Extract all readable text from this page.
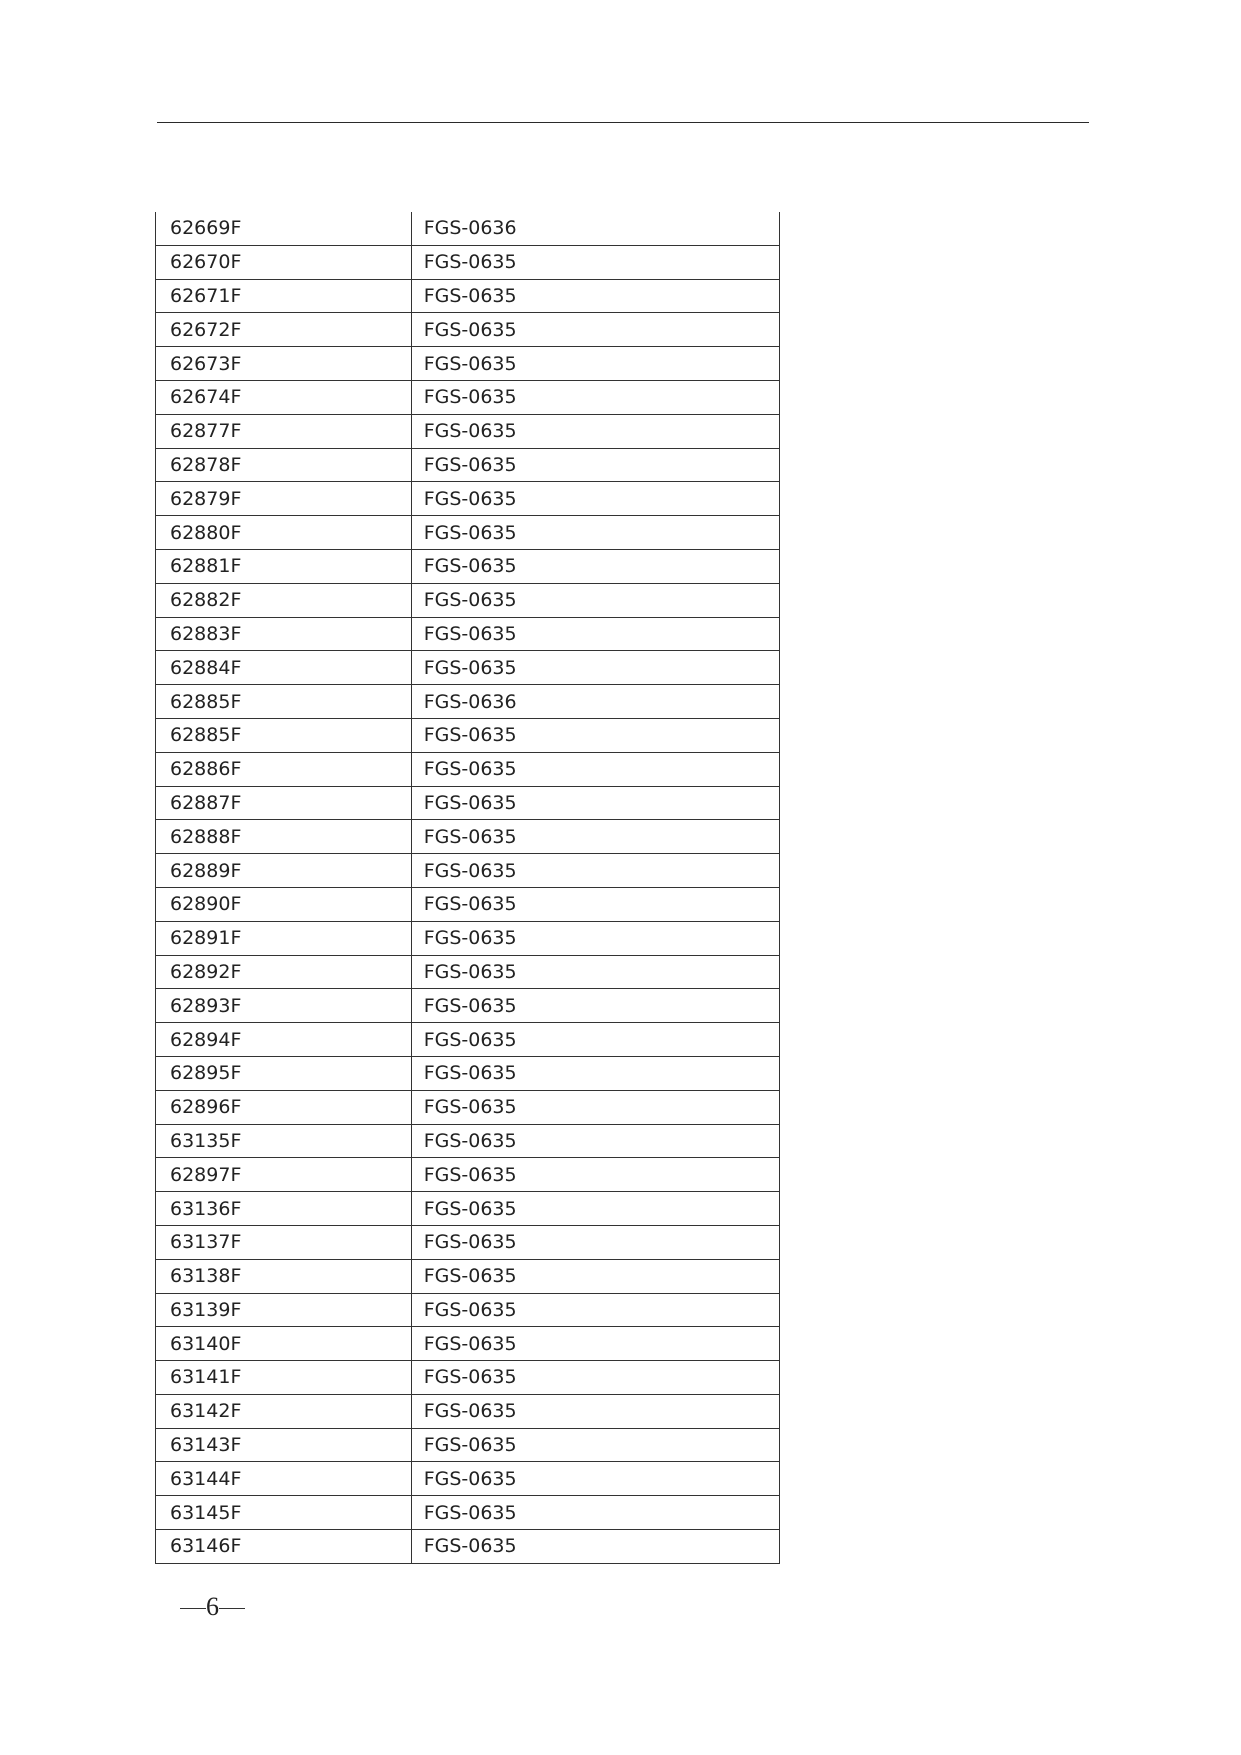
62669F	FGS-0636
62670F	FGS-0635
62671F	FGS-0635
62672F	FGS-0635
62673F	FGS-0635
62674F	FGS-0635
62877F	FGS-0635
62878F	FGS-0635
62879F	FGS-0635
62880F	FGS-0635
62881F	FGS-0635
62882F	FGS-0635
62883F	FGS-0635
62884F	FGS-0635
62885F	FGS-0636
62885F	FGS-0635
62886F	FGS-0635
62887F	FGS-0635
62888F	FGS-0635
62889F	FGS-0635
62890F	FGS-0635
62891F	FGS-0635
62892F	FGS-0635
62893F	FGS-0635
62894F	FGS-0635
62895F	FGS-0635
62896F	FGS-0635
63135F	FGS-0635
62897F	FGS-0635
63136F	FGS-0635
63137F	FGS-0635
63138F	FGS-0635
63139F	FGS-0635
63140F	FGS-0635
63141F	FGS-0635
63142F	FGS-0635
63143F	FGS-0635
63144F	FGS-0635
63145F	FGS-0635
63146F	FGS-0635
6
